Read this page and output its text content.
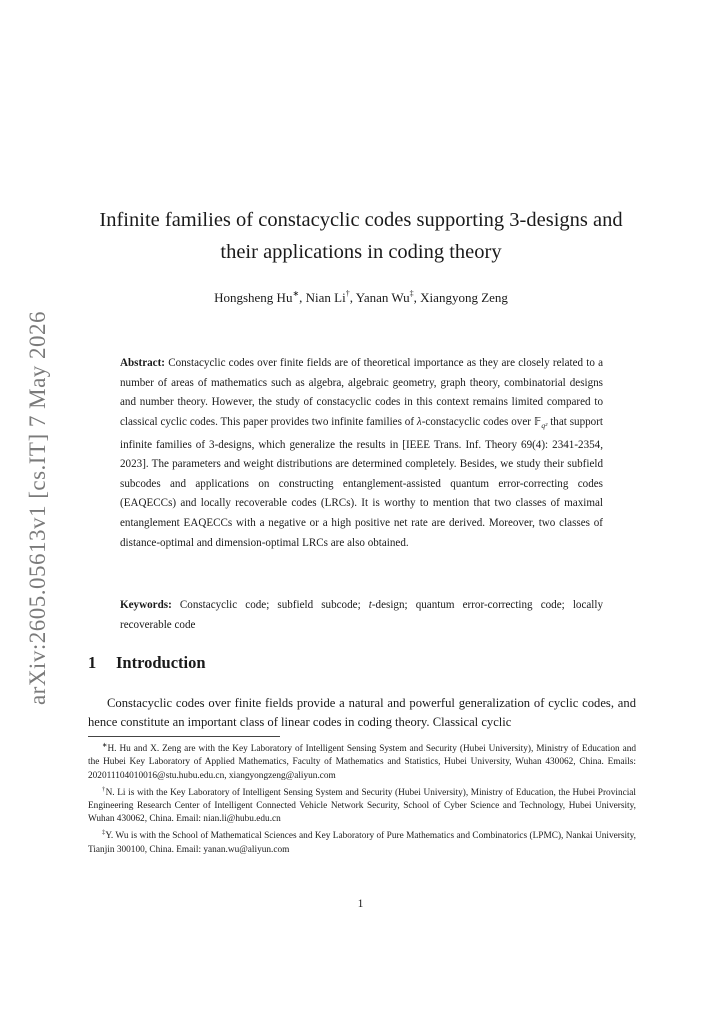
arXiv:2605.05613v1 [cs.IT] 7 May 2026
Infinite families of constacyclic codes supporting 3-designs and
their applications in coding theory
Hongsheng Hu∗, Nian Li†, Yanan Wu‡, Xiangyong Zeng
Abstract: Constacyclic codes over finite fields are of theoretical importance as they are closely related to a number of areas of mathematics such as algebra, algebraic geometry, graph theory, combinatorial designs and number theory. However, the study of constacyclic codes in this context remains limited compared to classical cyclic codes. This paper provides two infinite families of λ-constacyclic codes over 𝔽$_{q^2}$ that support infinite families of 3-designs, which generalize the results in [IEEE Trans. Inf. Theory 69(4): 2341-2354, 2023]. The parameters and weight distributions are determined completely. Besides, we study their subfield subcodes and applications on constructing entanglement-assisted quantum error-correcting codes (EAQECCs) and locally recoverable codes (LRCs). It is worthy to mention that two classes of maximal entanglement EAQECCs with a negative or a high positive net rate are derived. Moreover, two classes of distance-optimal and dimension-optimal LRCs are also obtained.
Keywords: Constacyclic code; subfield subcode; t-design; quantum error-correcting code; locally recoverable code
1 Introduction
Constacyclic codes over finite fields provide a natural and powerful generalization of cyclic codes, and hence constitute an important class of linear codes in coding theory. Classical cyclic

∗H. Hu and X. Zeng are with the Key Laboratory of Intelligent Sensing System and Security (Hubei University), Ministry of Education and the Hubei Key Laboratory of Applied Mathematics, Faculty of Mathematics and Statistics, Hubei University, Wuhan 430062, China. Emails: 202011104010016@stu.hubu.edu.cn, xiangyongzeng@aliyun.com

†N. Li is with the Key Laboratory of Intelligent Sensing System and Security (Hubei University), Ministry of Education, the Hubei Provincial Engineering Research Center of Intelligent Connected Vehicle Network Security, School of Cyber Science and Technology, Hubei University, Wuhan 430062, China. Email: nian.li@hubu.edu.cn

‡Y. Wu is with the School of Mathematical Sciences and Key Laboratory of Pure Mathematics and Combinatorics (LPMC), Nankai University, Tianjin 300100, China. Email: yanan.wu@aliyun.com

1
